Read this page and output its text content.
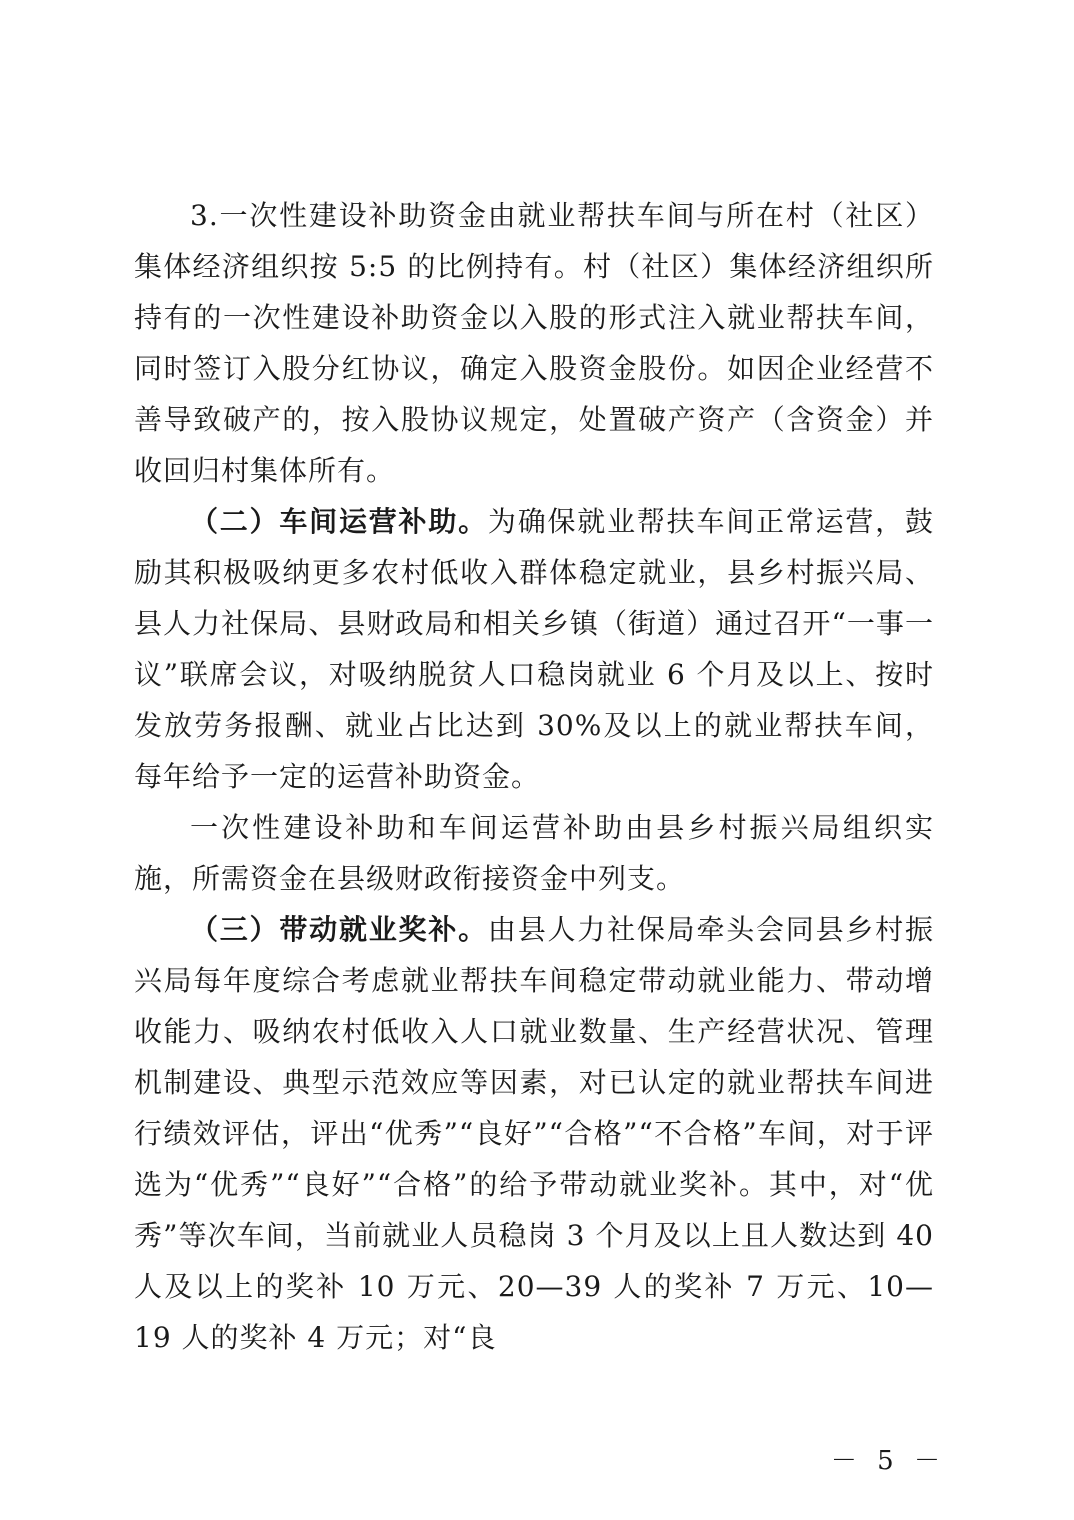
3.一次性建设补助资金由就业帮扶车间与所在村（社区）集体经济组织按 5:5 的比例持有。村（社区）集体经济组织所持有的一次性建设补助资金以入股的形式注入就业帮扶车间，同时签订入股分红协议，确定入股资金股份。如因企业经营不善导致破产的，按入股协议规定，处置破产资产（含资金）并收回归村集体所有。

（二）车间运营补助。为确保就业帮扶车间正常运营，鼓励其积极吸纳更多农村低收入群体稳定就业，县乡村振兴局、县人力社保局、县财政局和相关乡镇（街道）通过召开“一事一议”联席会议，对吸纳脱贫人口稳岗就业 6 个月及以上、按时发放劳务报酬、就业占比达到 30%及以上的就业帮扶车间，每年给予一定的运营补助资金。

一次性建设补助和车间运营补助由县乡村振兴局组织实施，所需资金在县级财政衔接资金中列支。

（三）带动就业奖补。由县人力社保局牵头会同县乡村振兴局每年度综合考虑就业帮扶车间稳定带动就业能力、带动增收能力、吸纳农村低收入人口就业数量、生产经营状况、管理机制建设、典型示范效应等因素，对已认定的就业帮扶车间进行绩效评估，评出“优秀”“良好”“合格”“不合格”车间，对于评选为“优秀”“良好”“合格”的给予带动就业奖补。其中，对“优秀”等次车间，当前就业人员稳岗 3 个月及以上且人数达到 40 人及以上的奖补 10 万元、20—39 人的奖补 7 万元、10—19 人的奖补 4 万元；对“良

－ 5 －
